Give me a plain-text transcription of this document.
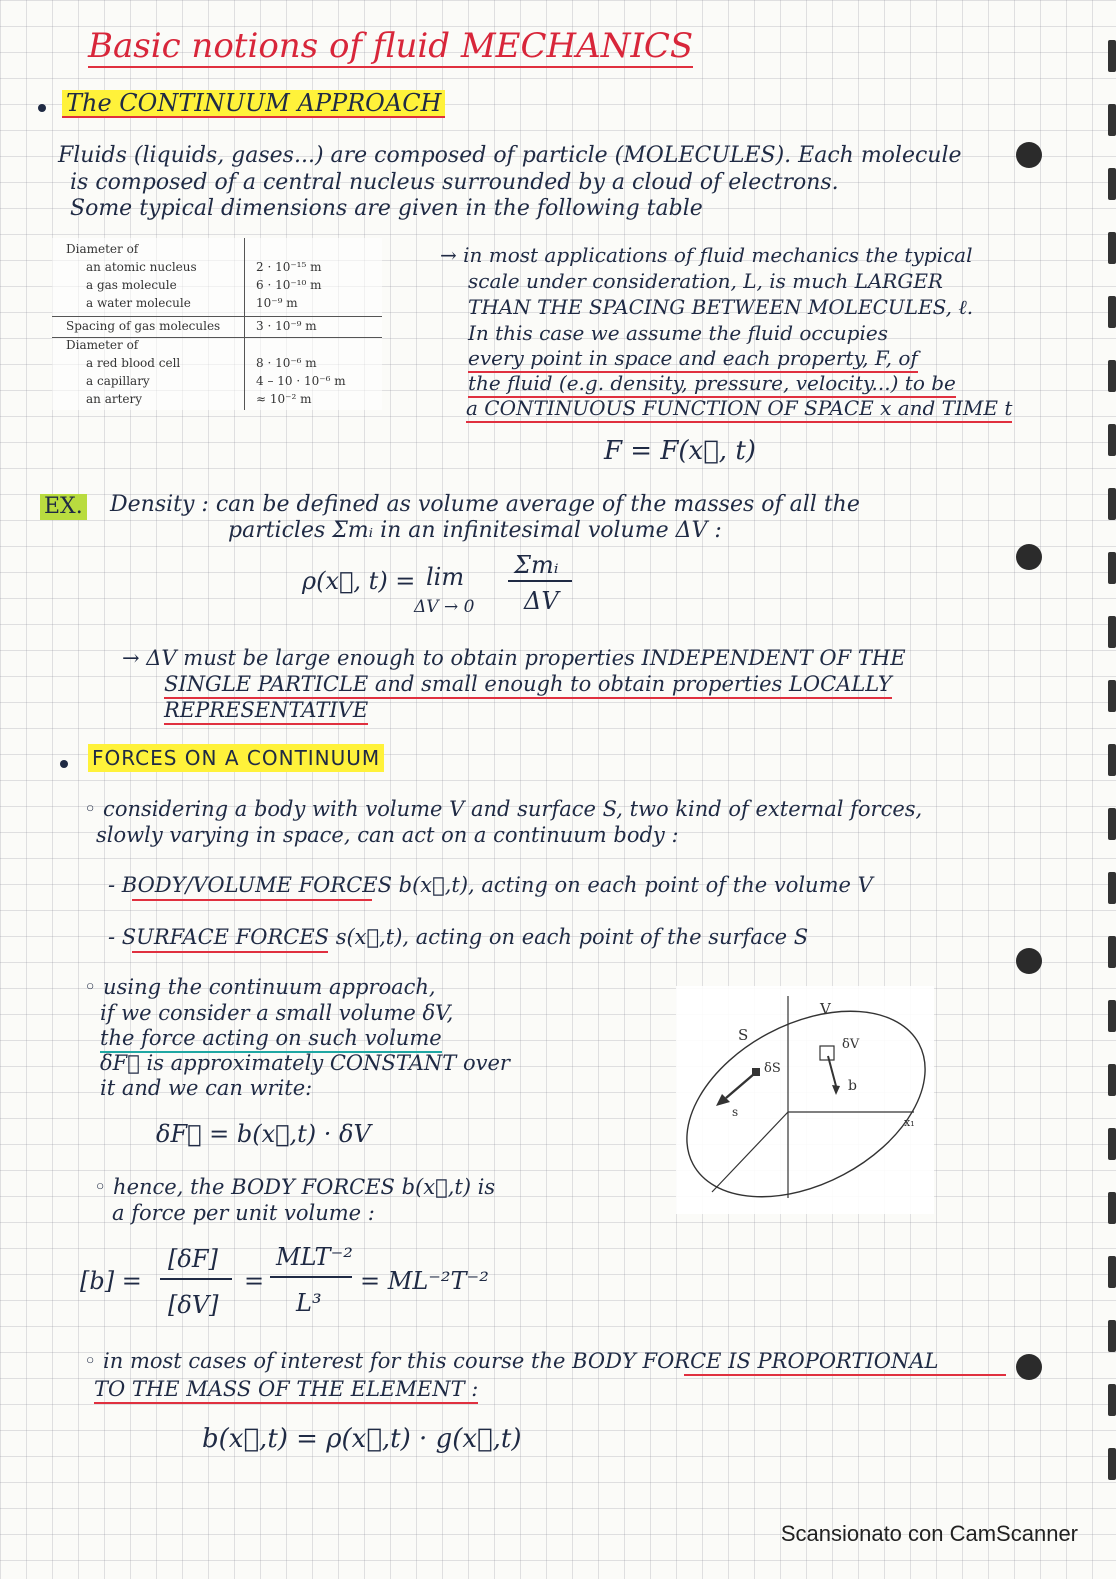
Basic notions of fluid MECHANICS
The CONTINUUM APPROACH
Fluids (liquids, gases...) are composed of particle (MOLECULES). Each molecule
is composed of a central nucleus surrounded by a cloud of electrons.
Some typical dimensions are given in the following table
Diameter of
an atomic nucleus	2 · 10⁻¹⁵ m
a gas molecule	6 · 10⁻¹⁰ m
a water molecule	10⁻⁹ m
Spacing of gas molecules	3 · 10⁻⁹ m
Diameter of
a red blood cell	8 · 10⁻⁶ m
a capillary	4 – 10 · 10⁻⁶ m
an artery	≈ 10⁻² m
→ in most applications of fluid mechanics the typical
scale under consideration, L, is much LARGER
THAN THE SPACING BETWEEN MOLECULES, ℓ.
In this case we assume the fluid occupies
every point in space and each property, F, of
the fluid (e.g. density, pressure, velocity...) to be
a CONTINUOUS FUNCTION OF SPACE x and TIME t
F = F(x⃗, t)
EX. Density : can be defined as volume average of the masses of all the
particles Σmᵢ in an infinitesimal volume ΔV :
ρ(x⃗, t) = lim
ΔV → 0
Σmᵢ
ΔV
→ ΔV must be large enough to obtain properties INDEPENDENT OF THE
SINGLE PARTICLE and small enough to obtain properties LOCALLY
REPRESENTATIVE
FORCES ON A CONTINUUM
◦ considering a body with volume V and surface S, two kind of external forces,
slowly varying in space, can act on a continuum body :
- BODY/VOLUME FORCES b(x⃗,t), acting on each point of the volume V
- SURFACE FORCES s(x⃗,t), acting on each point of the surface S
◦ using the continuum approach,
if we consider a small volume δV,
the force acting on such volume
δF⃗ is approximately CONSTANT over
it and we can write:
δF⃗ = b(x⃗,t) · δV
◦ hence, the BODY FORCES b(x⃗,t) is
a force per unit volume :
[b] =
[δF]
[δV]
=
MLT⁻²
L³
= ML⁻²T⁻²
◦ in most cases of interest for this course the BODY FORCE IS PROPORTIONAL
TO THE MASS OF THE ELEMENT :
b(x⃗,t) = ρ(x⃗,t) · g(x⃗,t)
V
S
δV
δS
b
s
x₁
Scansionato con CamScanner
